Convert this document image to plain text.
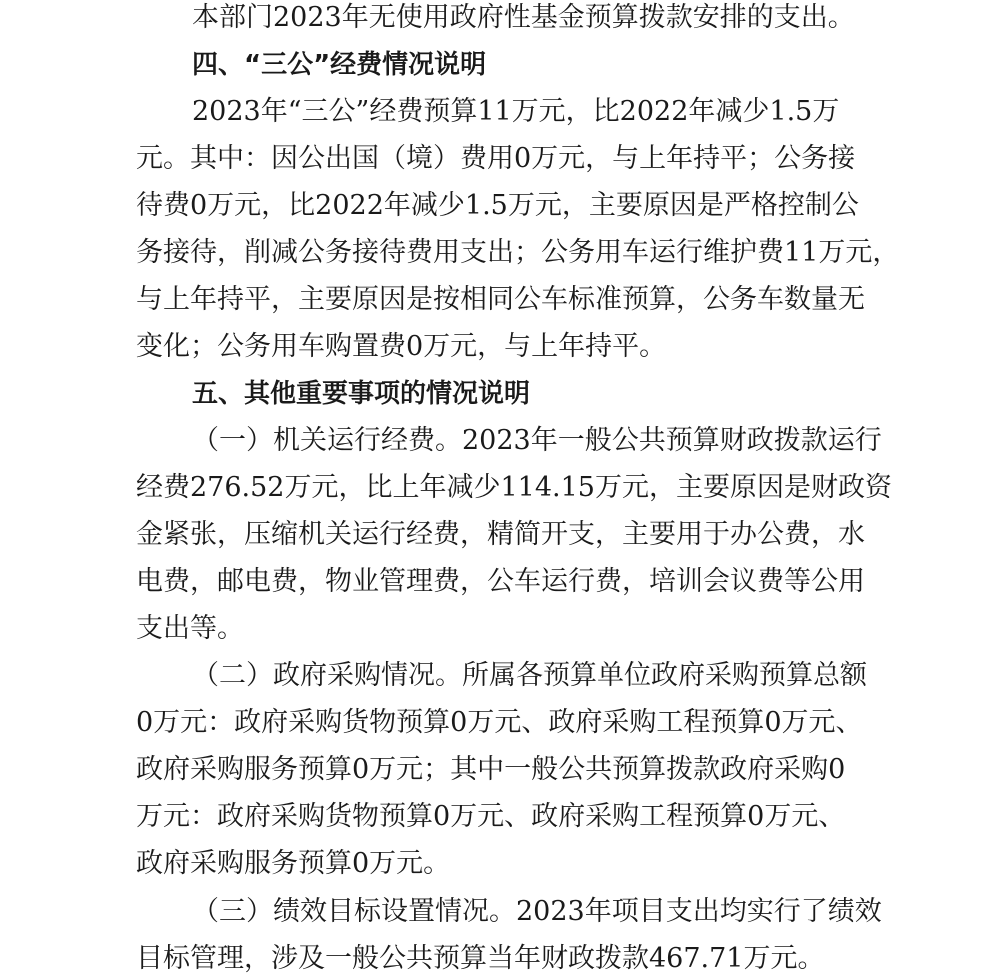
本部门2023年无使用政府性基金预算拨款安排的支出。
四、“三公”经费情况说明
2023年“三公”经费预算11万元，比2022年减少1.5万
元。其中：因公出国（境）费用0万元，与上年持平；公务接
待费0万元，比2022年减少1.5万元，主要原因是严格控制公
务接待，削减公务接待费用支出；公务用车运行维护费11万元，
与上年持平，主要原因是按相同公车标准预算，公务车数量无
变化；公务用车购置费0万元，与上年持平。
五、其他重要事项的情况说明
（一）机关运行经费。2023年一般公共预算财政拨款运行
经费276.52万元，比上年减少114.15万元，主要原因是财政资
金紧张，压缩机关运行经费，精简开支，主要用于办公费，水
电费，邮电费，物业管理费，公车运行费，培训会议费等公用
支出等。
（二）政府采购情况。所属各预算单位政府采购预算总额
0万元：政府采购货物预算0万元、政府采购工程预算0万元、
政府采购服务预算0万元；其中一般公共预算拨款政府采购0
万元：政府采购货物预算0万元、政府采购工程预算0万元、
政府采购服务预算0万元。
（三）绩效目标设置情况。2023年项目支出均实行了绩效
目标管理，涉及一般公共预算当年财政拨款467.71万元。
